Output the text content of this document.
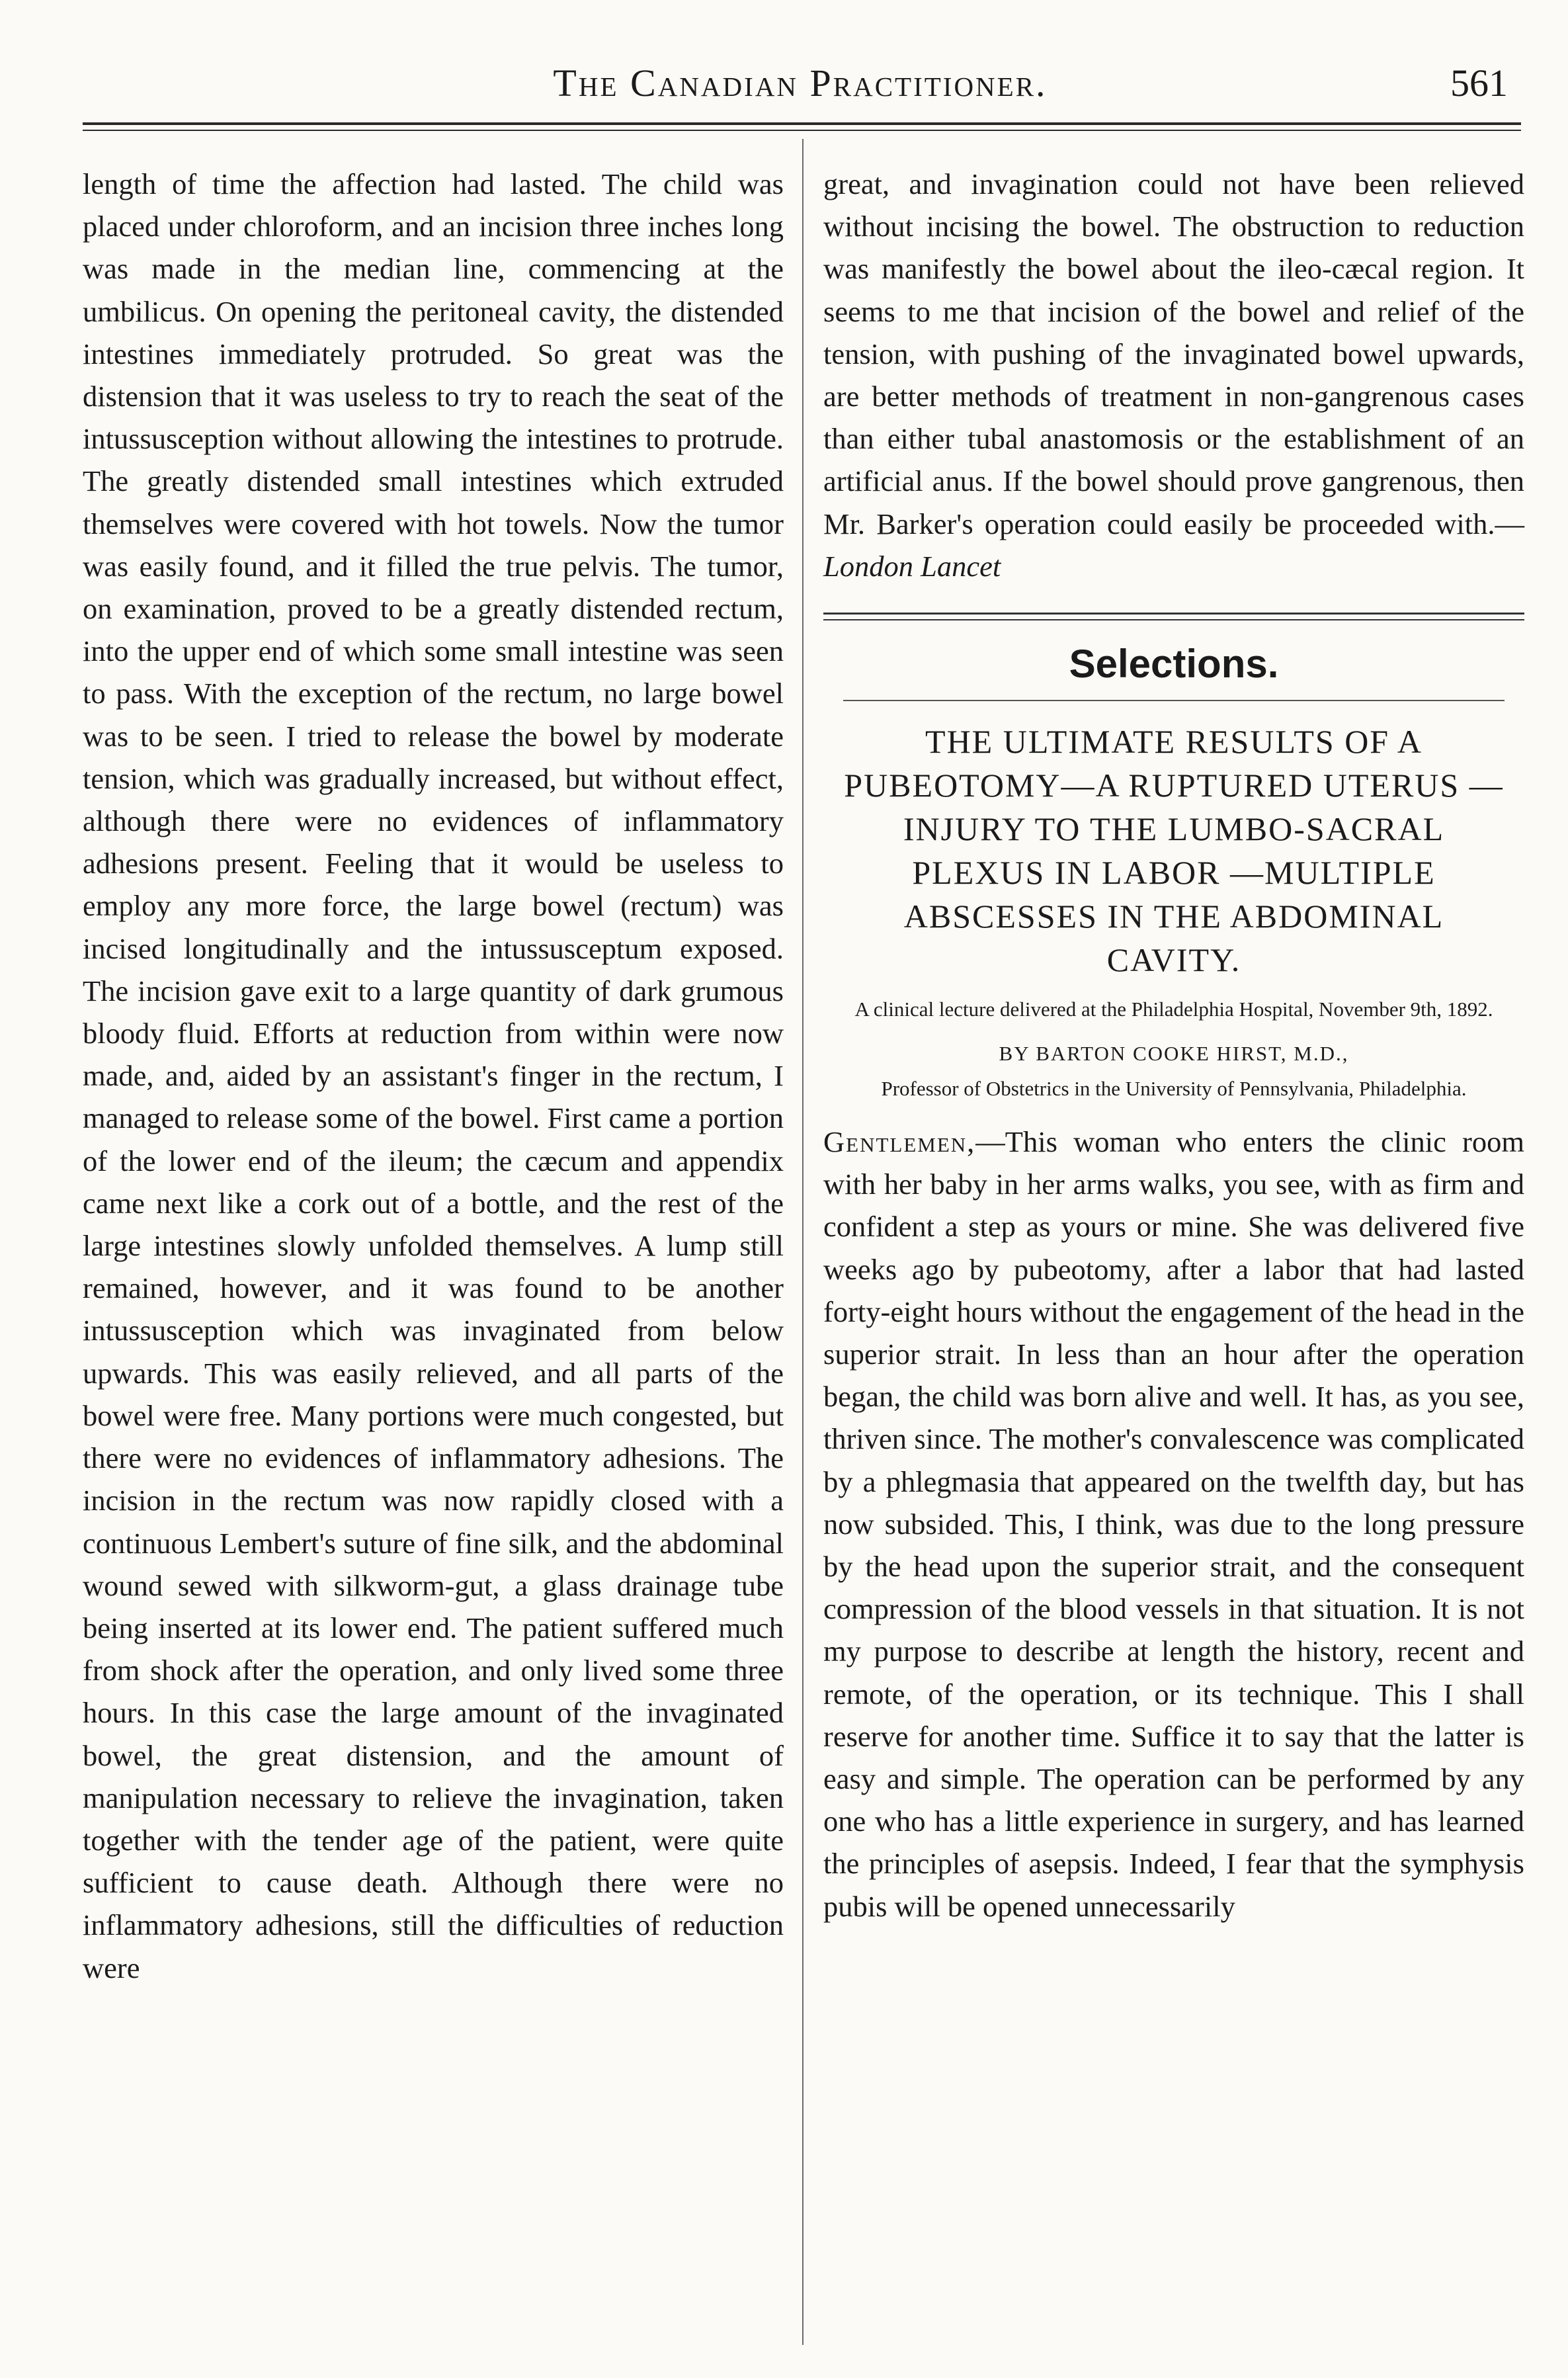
The Canadian Practitioner.	561

length of time the affection had lasted. The child was placed under chloroform, and an incision three inches long was made in the median line, commencing at the umbilicus. On opening the peritoneal cavity, the distended intestines immediately protruded. So great was the distension that it was useless to try to reach the seat of the intussusception without allowing the intestines to protrude. The greatly distended small intestines which extruded themselves were covered with hot towels. Now the tumor was easily found, and it filled the true pelvis. The tumor, on examination, proved to be a greatly distended rectum, into the upper end of which some small intestine was seen to pass. With the exception of the rectum, no large bowel was to be seen. I tried to release the bowel by moderate tension, which was gradually increased, but without effect, although there were no evidences of inflammatory adhesions present. Feeling that it would be useless to employ any more force, the large bowel (rectum) was incised longitudinally and the intussusceptum exposed. The incision gave exit to a large quantity of dark grumous bloody fluid. Efforts at reduction from within were now made, and, aided by an assistant's finger in the rectum, I managed to release some of the bowel. First came a portion of the lower end of the ileum; the cæcum and appendix came next like a cork out of a bottle, and the rest of the large intestines slowly unfolded themselves. A lump still remained, however, and it was found to be another intussusception which was invaginated from below upwards. This was easily relieved, and all parts of the bowel were free. Many portions were much congested, but there were no evidences of inflammatory adhesions. The incision in the rectum was now rapidly closed with a continuous Lembert's suture of fine silk, and the abdominal wound sewed with silkworm-gut, a glass drainage tube being inserted at its lower end. The patient suffered much from shock after the operation, and only lived some three hours. In this case the large amount of the invaginated bowel, the great distension, and the amount of manipulation necessary to relieve the invagination, taken together with the tender age of the patient, were quite sufficient to cause death. Although there were no inflammatory adhesions, still the difficulties of reduction were

great, and invagination could not have been relieved without incising the bowel. The obstruction to reduction was manifestly the bowel about the ileo-cæcal region. It seems to me that incision of the bowel and relief of the tension, with pushing of the invaginated bowel upwards, are better methods of treatment in non-gangrenous cases than either tubal anastomosis or the establishment of an artificial anus. If the bowel should prove gangrenous, then Mr. Barker's operation could easily be proceeded with.—London Lancet

Selections.
THE ULTIMATE RESULTS OF A PUBEOTOMY—A RUPTURED UTERUS —INJURY TO THE LUMBO-SACRAL PLEXUS IN LABOR —MULTIPLE ABSCESSES IN THE ABDOMINAL CAVITY.
A clinical lecture delivered at the Philadelphia Hospital, November 9th, 1892.
BY BARTON COOKE HIRST, M.D.,
Professor of Obstetrics in the University of Pennsylvania, Philadelphia.

Gentlemen,—This woman who enters the clinic room with her baby in her arms walks, you see, with as firm and confident a step as yours or mine. She was delivered five weeks ago by pubeotomy, after a labor that had lasted forty-eight hours without the engagement of the head in the superior strait. In less than an hour after the operation began, the child was born alive and well. It has, as you see, thriven since. The mother's convalescence was complicated by a phlegmasia that appeared on the twelfth day, but has now subsided. This, I think, was due to the long pressure by the head upon the superior strait, and the consequent compression of the blood vessels in that situation. It is not my purpose to describe at length the history, recent and remote, of the operation, or its technique. This I shall reserve for another time. Suffice it to say that the latter is easy and simple. The operation can be performed by any one who has a little experience in surgery, and has learned the principles of asepsis. Indeed, I fear that the symphysis pubis will be opened unnecessarily
